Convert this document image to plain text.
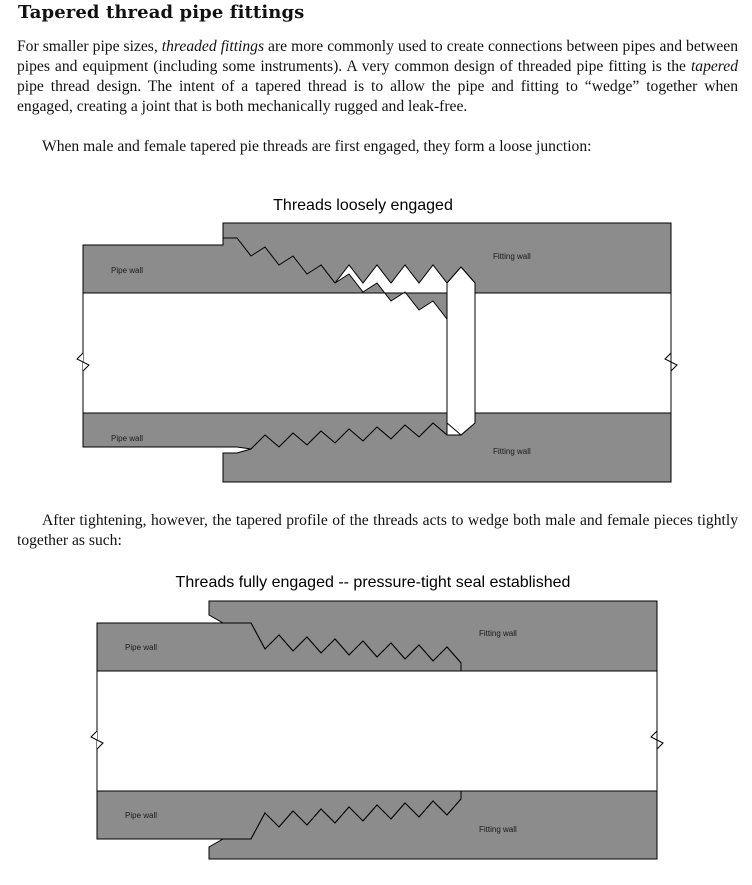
Tapered thread pipe fittings

For smaller pipe sizes, threaded fittings are more commonly used to create connections between pipes and between pipes and equipment (including some instruments). A very common design of threaded pipe fitting is the tapered pipe thread design. The intent of a tapered thread is to allow the pipe and fitting to “wedge” together when engaged, creating a joint that is both mechanically rugged and leak-free.

When male and female tapered pie threads are first engaged, they form a loose junction:

Threads loosely engaged
Pipe wall
Fitting wall
Pipe wall
Fitting wall

After tightening, however, the tapered profile of the threads acts to wedge both male and female pieces tightly together as such:

Threads fully engaged -- pressure-tight seal established
Pipe wall
Fitting wall
Pipe wall
Fitting wall
